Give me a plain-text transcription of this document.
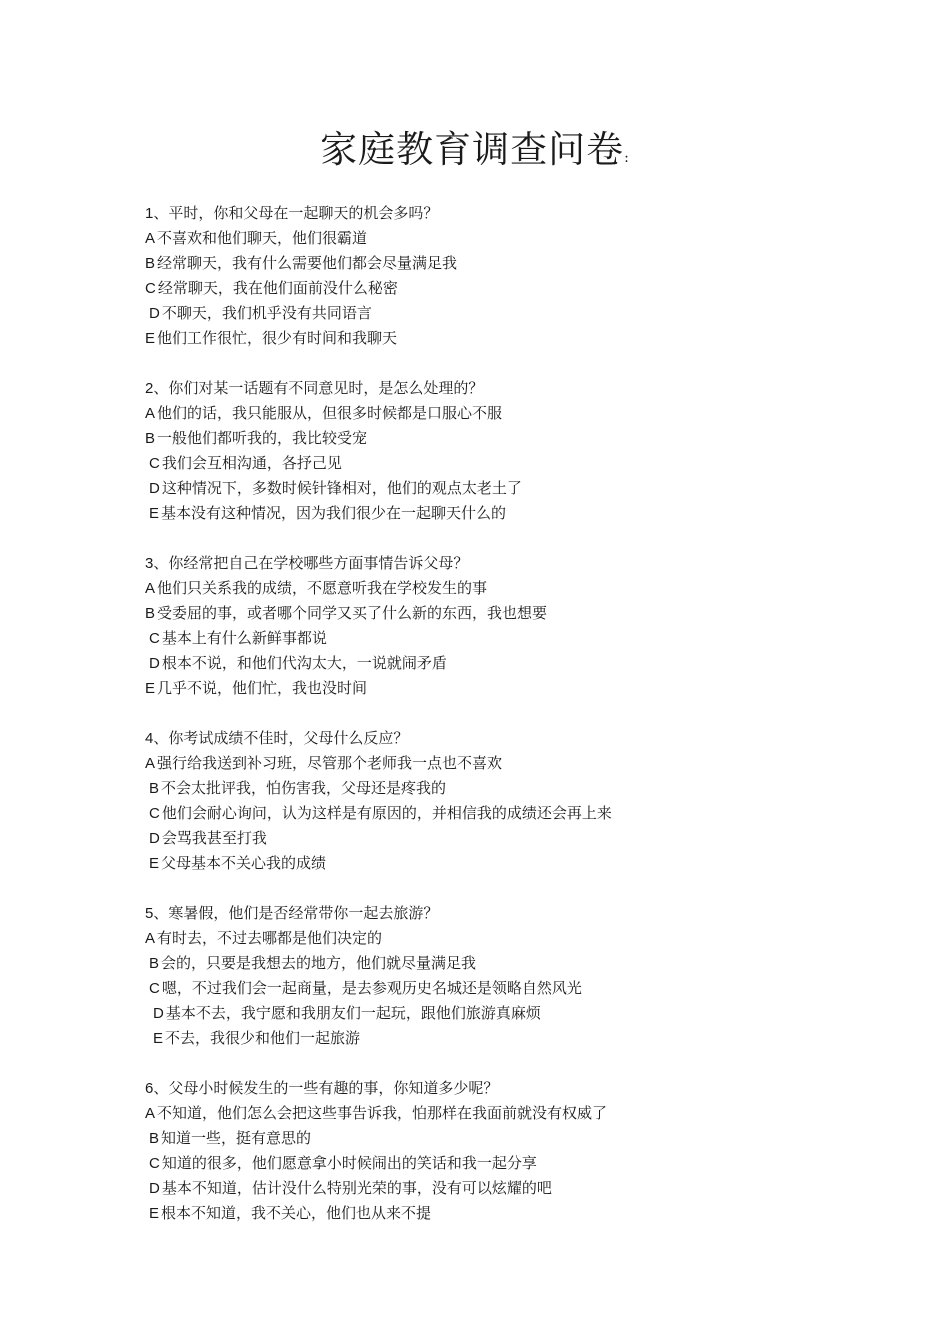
家庭教育调查问卷:
1、平时，你和父母在一起聊天的机会多吗？
A 不喜欢和他们聊天，他们很霸道
B 经常聊天，我有什么需要他们都会尽量满足我
C 经常聊天，我在他们面前没什么秘密
D 不聊天，我们机乎没有共同语言
E 他们工作很忙，很少有时间和我聊天
2、你们对某一话题有不同意见时，是怎么处理的？
A 他们的话，我只能服从，但很多时候都是口服心不服
B 一般他们都听我的，我比较受宠
C 我们会互相沟通，各抒己见
D 这种情况下，多数时候针锋相对，他们的观点太老土了
E 基本没有这种情况，因为我们很少在一起聊天什么的
3、你经常把自己在学校哪些方面事情告诉父母？
A 他们只关系我的成绩，不愿意听我在学校发生的事
B 受委屈的事，或者哪个同学又买了什么新的东西，我也想要
C 基本上有什么新鲜事都说
D 根本不说，和他们代沟太大，一说就闹矛盾
E 几乎不说，他们忙，我也没时间
4、你考试成绩不佳时，父母什么反应？
A 强行给我送到补习班，尽管那个老师我一点也不喜欢
B 不会太批评我，怕伤害我，父母还是疼我的
C 他们会耐心询问，认为这样是有原因的，并相信我的成绩还会再上来
D 会骂我甚至打我
E 父母基本不关心我的成绩
5、寒暑假，他们是否经常带你一起去旅游？
A 有时去，不过去哪都是他们决定的
B 会的，只要是我想去的地方，他们就尽量满足我
C 嗯，不过我们会一起商量，是去参观历史名城还是领略自然风光
D 基本不去，我宁愿和我朋友们一起玩，跟他们旅游真麻烦
E 不去，我很少和他们一起旅游
6、父母小时候发生的一些有趣的事，你知道多少呢？
A 不知道，他们怎么会把这些事告诉我，怕那样在我面前就没有权威了
B 知道一些，挺有意思的
C 知道的很多，他们愿意拿小时候闹出的笑话和我一起分享
D 基本不知道，估计没什么特别光荣的事，没有可以炫耀的吧
E 根本不知道，我不关心，他们也从来不提
